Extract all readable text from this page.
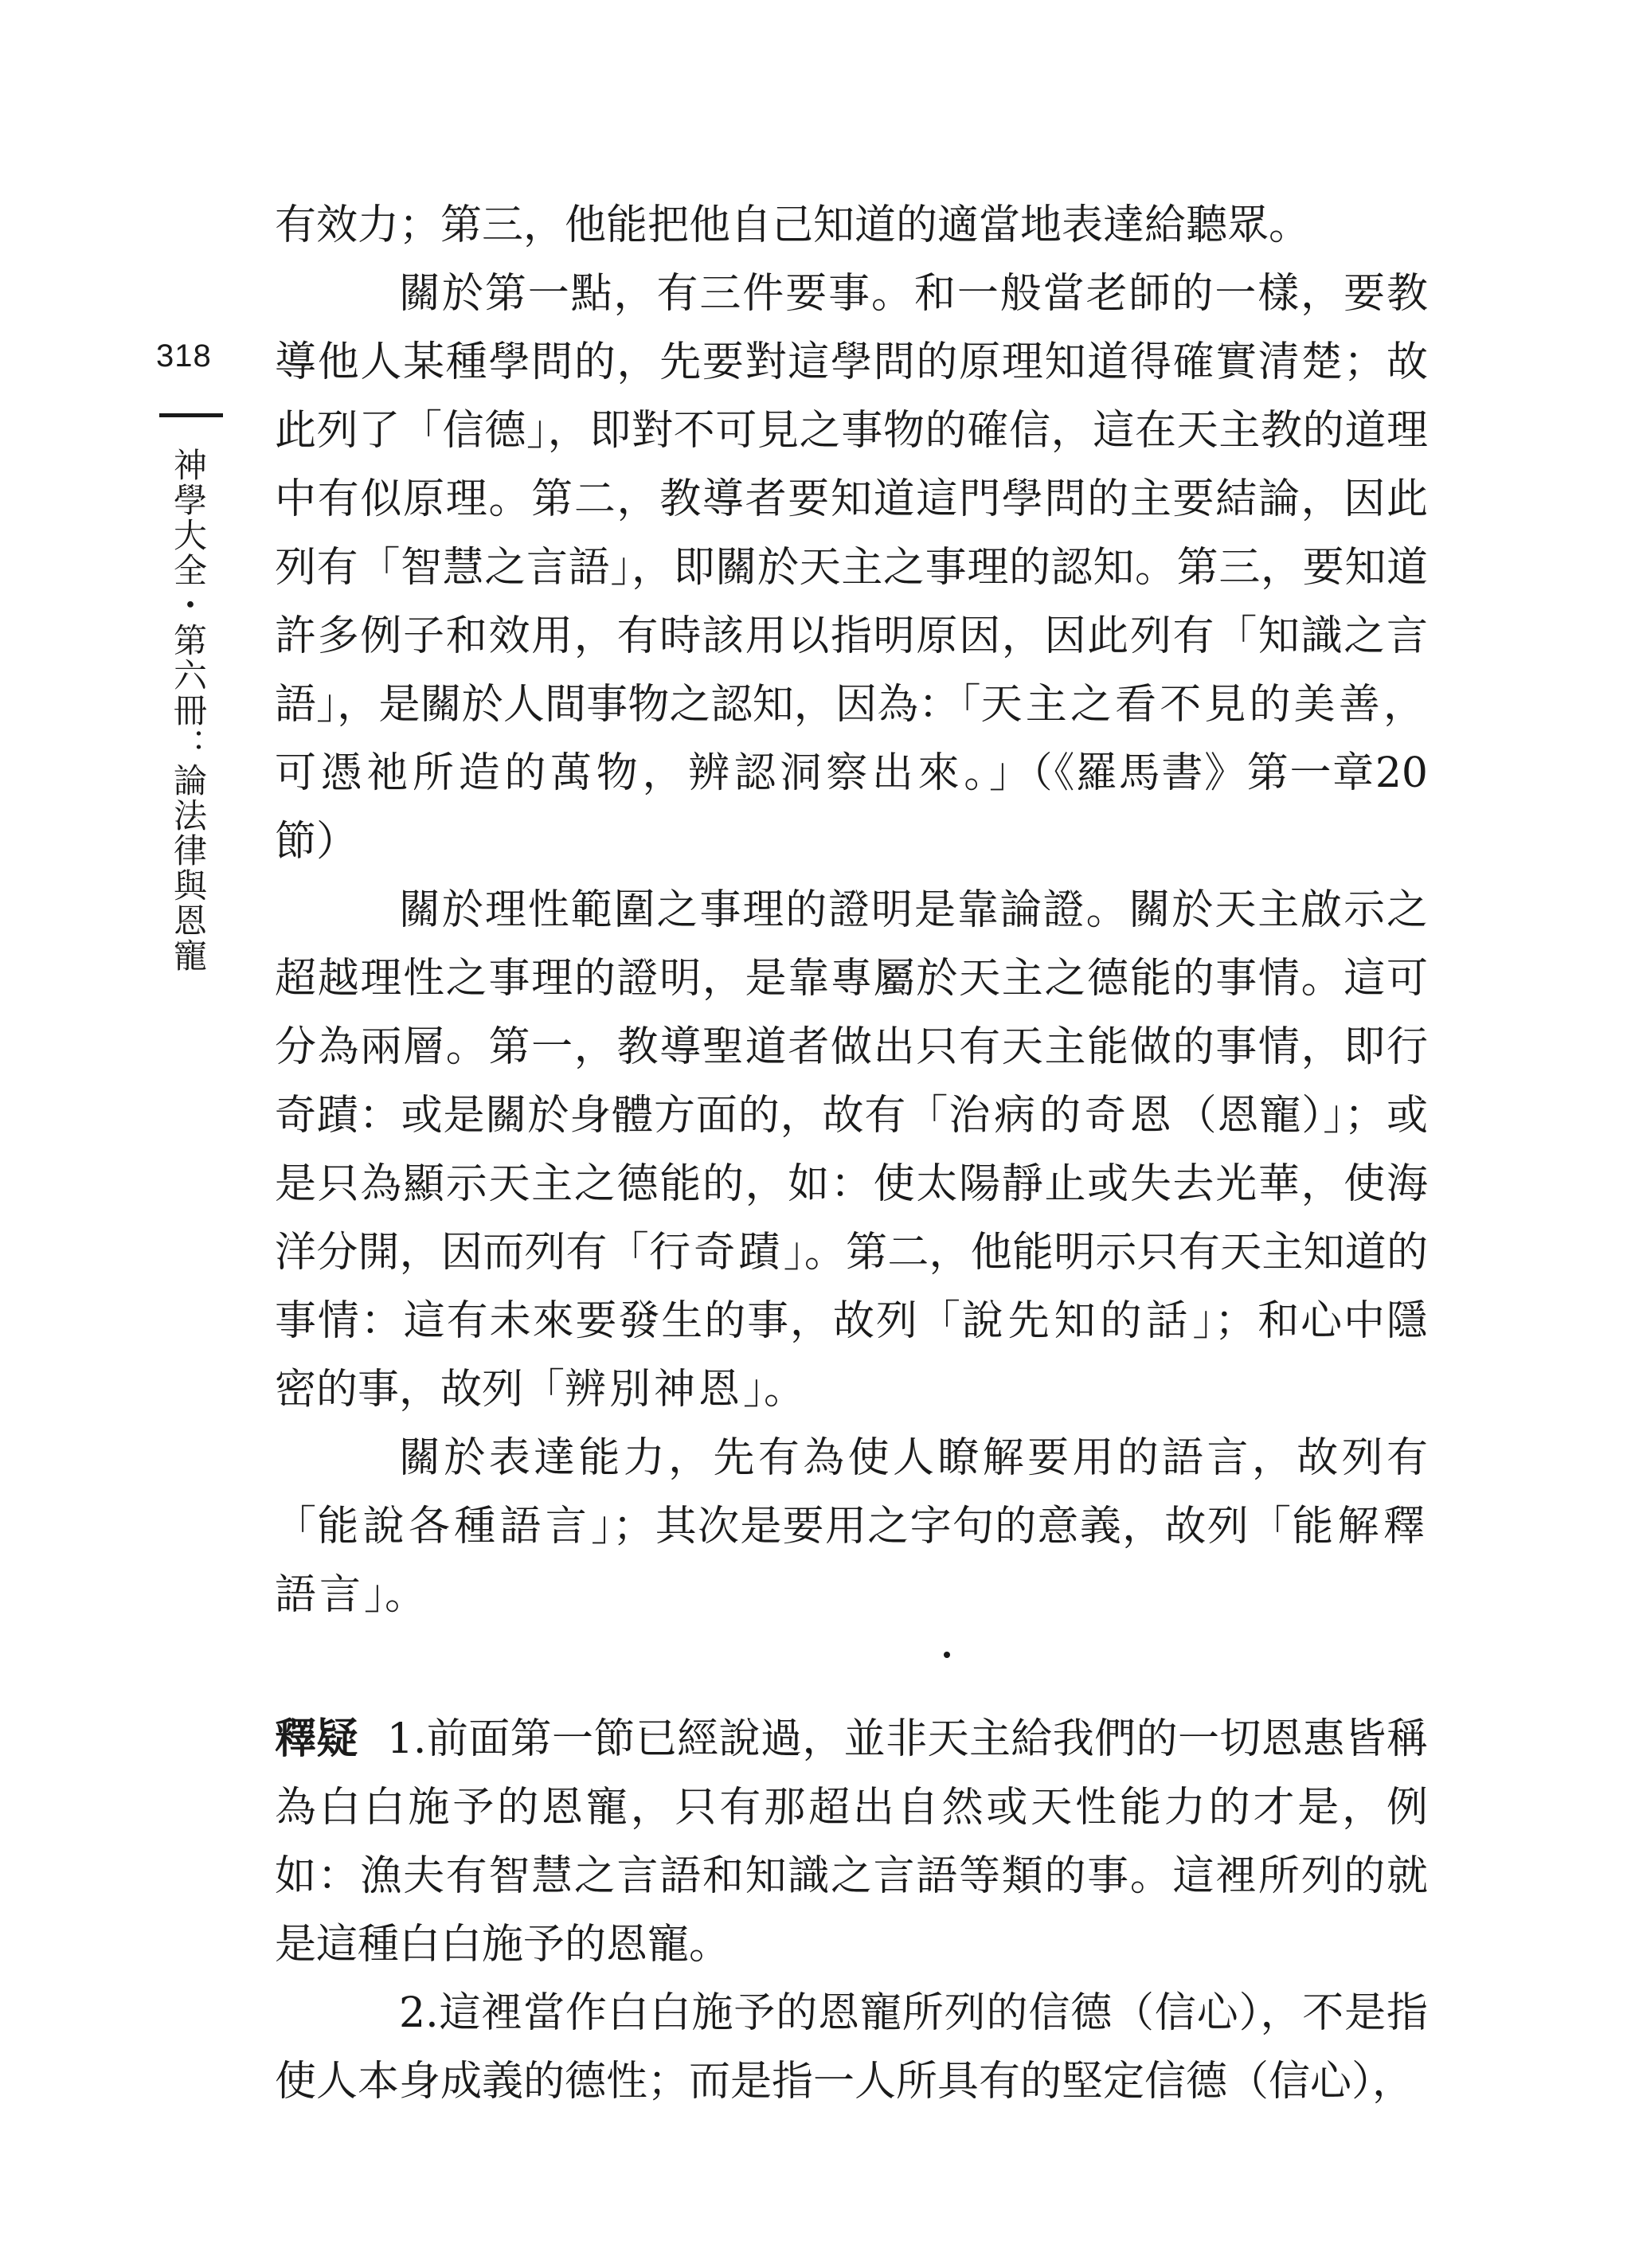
318
神學大全・第六冊：論法律與恩寵

有效力；第三，他能把他自己知道的適當地表達給聽眾。

關於第一點，有三件要事。和一般當老師的一樣，要教導他人某種學問的，先要對這學問的原理知道得確實清楚；故此列了「信德」，即對不可見之事物的確信，這在天主教的道理中有似原理。第二，教導者要知道這門學問的主要結論，因此列有「智慧之言語」，即關於天主之事理的認知。第三，要知道許多例子和效用，有時該用以指明原因，因此列有「知識之言語」，是關於人間事物之認知，因為：「天主之看不見的美善，可憑祂所造的萬物，辨認洞察出來。」（《羅馬書》第一章20節）

關於理性範圍之事理的證明是靠論證。關於天主啟示之超越理性之事理的證明，是靠專屬於天主之德能的事情。這可分為兩層。第一，教導聖道者做出只有天主能做的事情，即行奇蹟：或是關於身體方面的，故有「治病的奇恩（恩寵）」；或是只為顯示天主之德能的，如：使太陽靜止或失去光華，使海洋分開，因而列有「行奇蹟」。第二，他能明示只有天主知道的事情：這有未來要發生的事，故列「說先知的話」；和心中隱密的事，故列「辨別神恩」。

關於表達能力，先有為使人瞭解要用的語言，故列有「能說各種語言」；其次是要用之字句的意義，故列「能解釋語言」。

釋疑 1.前面第一節已經說過，並非天主給我們的一切恩惠皆稱為白白施予的恩寵，只有那超出自然或天性能力的才是，例如：漁夫有智慧之言語和知識之言語等類的事。這裡所列的就是這種白白施予的恩寵。

2.這裡當作白白施予的恩寵所列的信德（信心），不是指使人本身成義的德性；而是指一人所具有的堅定信德（信心），
